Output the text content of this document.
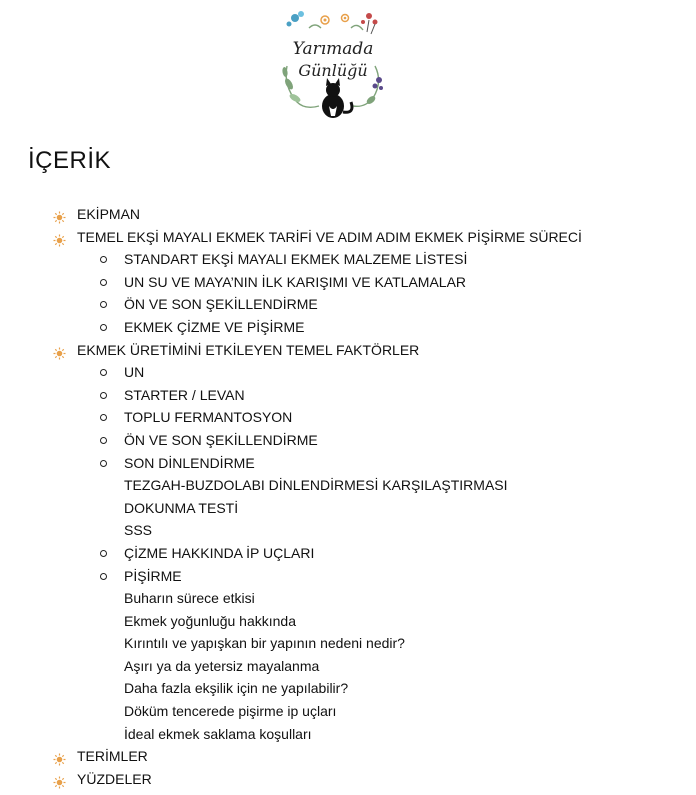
Yarımada
Günlüğü
İÇERİK
EKİPMAN
TEMEL EKŞİ MAYALI EKMEK TARİFİ VE ADIM ADIM EKMEK PİŞİRME SÜRECİ
STANDART EKŞİ MAYALI EKMEK MALZEME LİSTESİ
UN SU VE MAYA’NIN İLK KARIŞIMI VE KATLAMALAR
ÖN VE SON ŞEKİLLENDİRME
EKMEK ÇİZME VE PİŞİRME
EKMEK ÜRETİMİNİ ETKİLEYEN TEMEL FAKTÖRLER
UN
STARTER / LEVAN
TOPLU FERMANTOSYON
ÖN VE SON ŞEKİLLENDİRME
SON DİNLENDİRME
TEZGAH-BUZDOLABI DİNLENDİRMESİ KARŞILAŞTIRMASI
DOKUNMA TESTİ
SSS
ÇİZME HAKKINDA İP UÇLARI
PİŞİRME
Buharın sürece etkisi
Ekmek yoğunluğu hakkında
Kırıntılı ve yapışkan bir yapının nedeni nedir?
Aşırı ya da yetersiz mayalanma
Daha fazla ekşilik için ne yapılabilir?
Döküm tencerede pişirme ip uçları
İdeal ekmek saklama koşulları
TERİMLER
YÜZDELER
